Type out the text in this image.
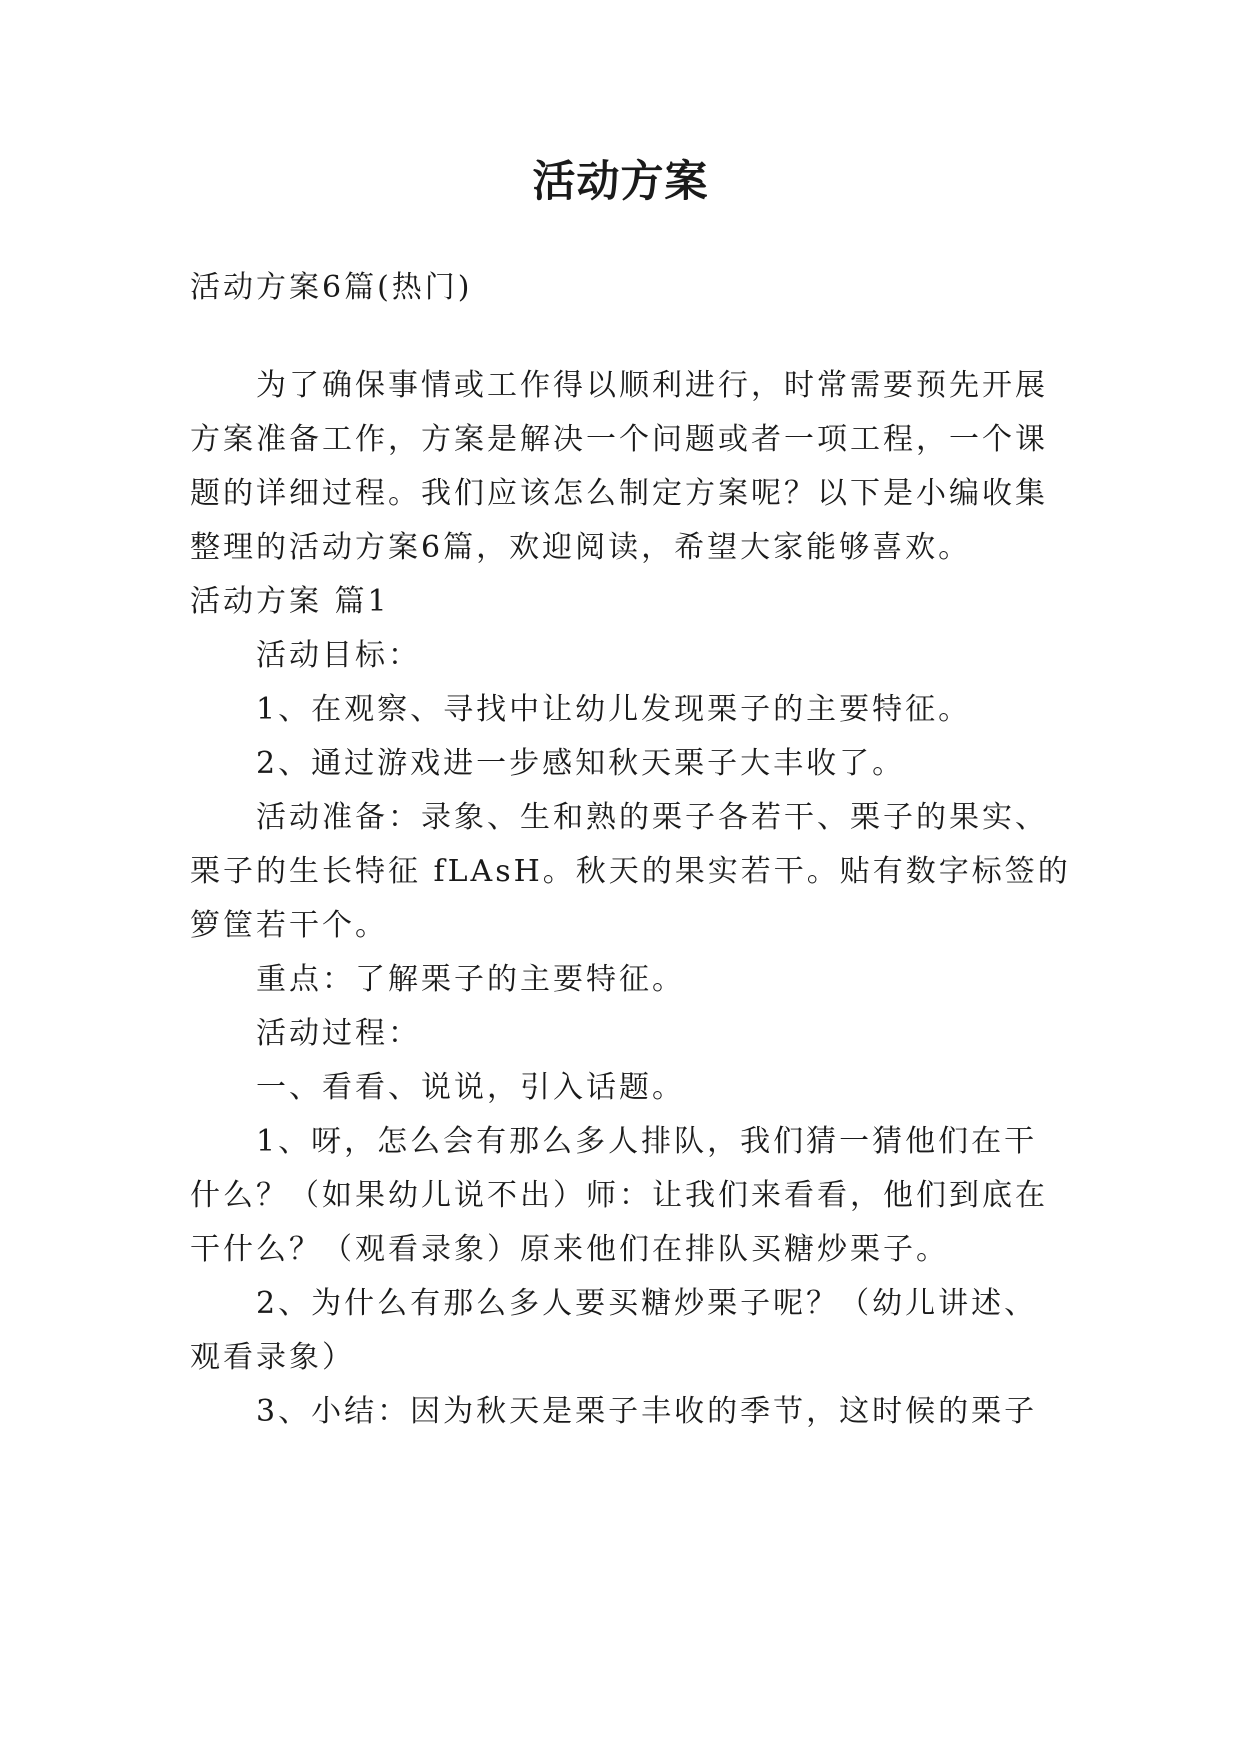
活动方案
活动方案6篇(热门)
为了确保事情或工作得以顺利进行，时常需要预先开展
方案准备工作，方案是解决一个问题或者一项工程，一个课
题的详细过程。我们应该怎么制定方案呢？以下是小编收集
整理的活动方案6篇，欢迎阅读，希望大家能够喜欢。
活动方案 篇1
活动目标：
1、在观察、寻找中让幼儿发现栗子的主要特征。
2、通过游戏进一步感知秋天栗子大丰收了。
活动准备：录象、生和熟的栗子各若干、栗子的果实、
栗子的生长特征 fLAsH。秋天的果实若干。贴有数字标签的
箩筐若干个。
重点：了解栗子的主要特征。
活动过程：
一、看看、说说，引入话题。
1、呀，怎么会有那么多人排队，我们猜一猜他们在干
什么？（如果幼儿说不出）师：让我们来看看，他们到底在
干什么？（观看录象）原来他们在排队买糖炒栗子。
2、为什么有那么多人要买糖炒栗子呢？（幼儿讲述、
观看录象）
3、小结：因为秋天是栗子丰收的季节，这时候的栗子
